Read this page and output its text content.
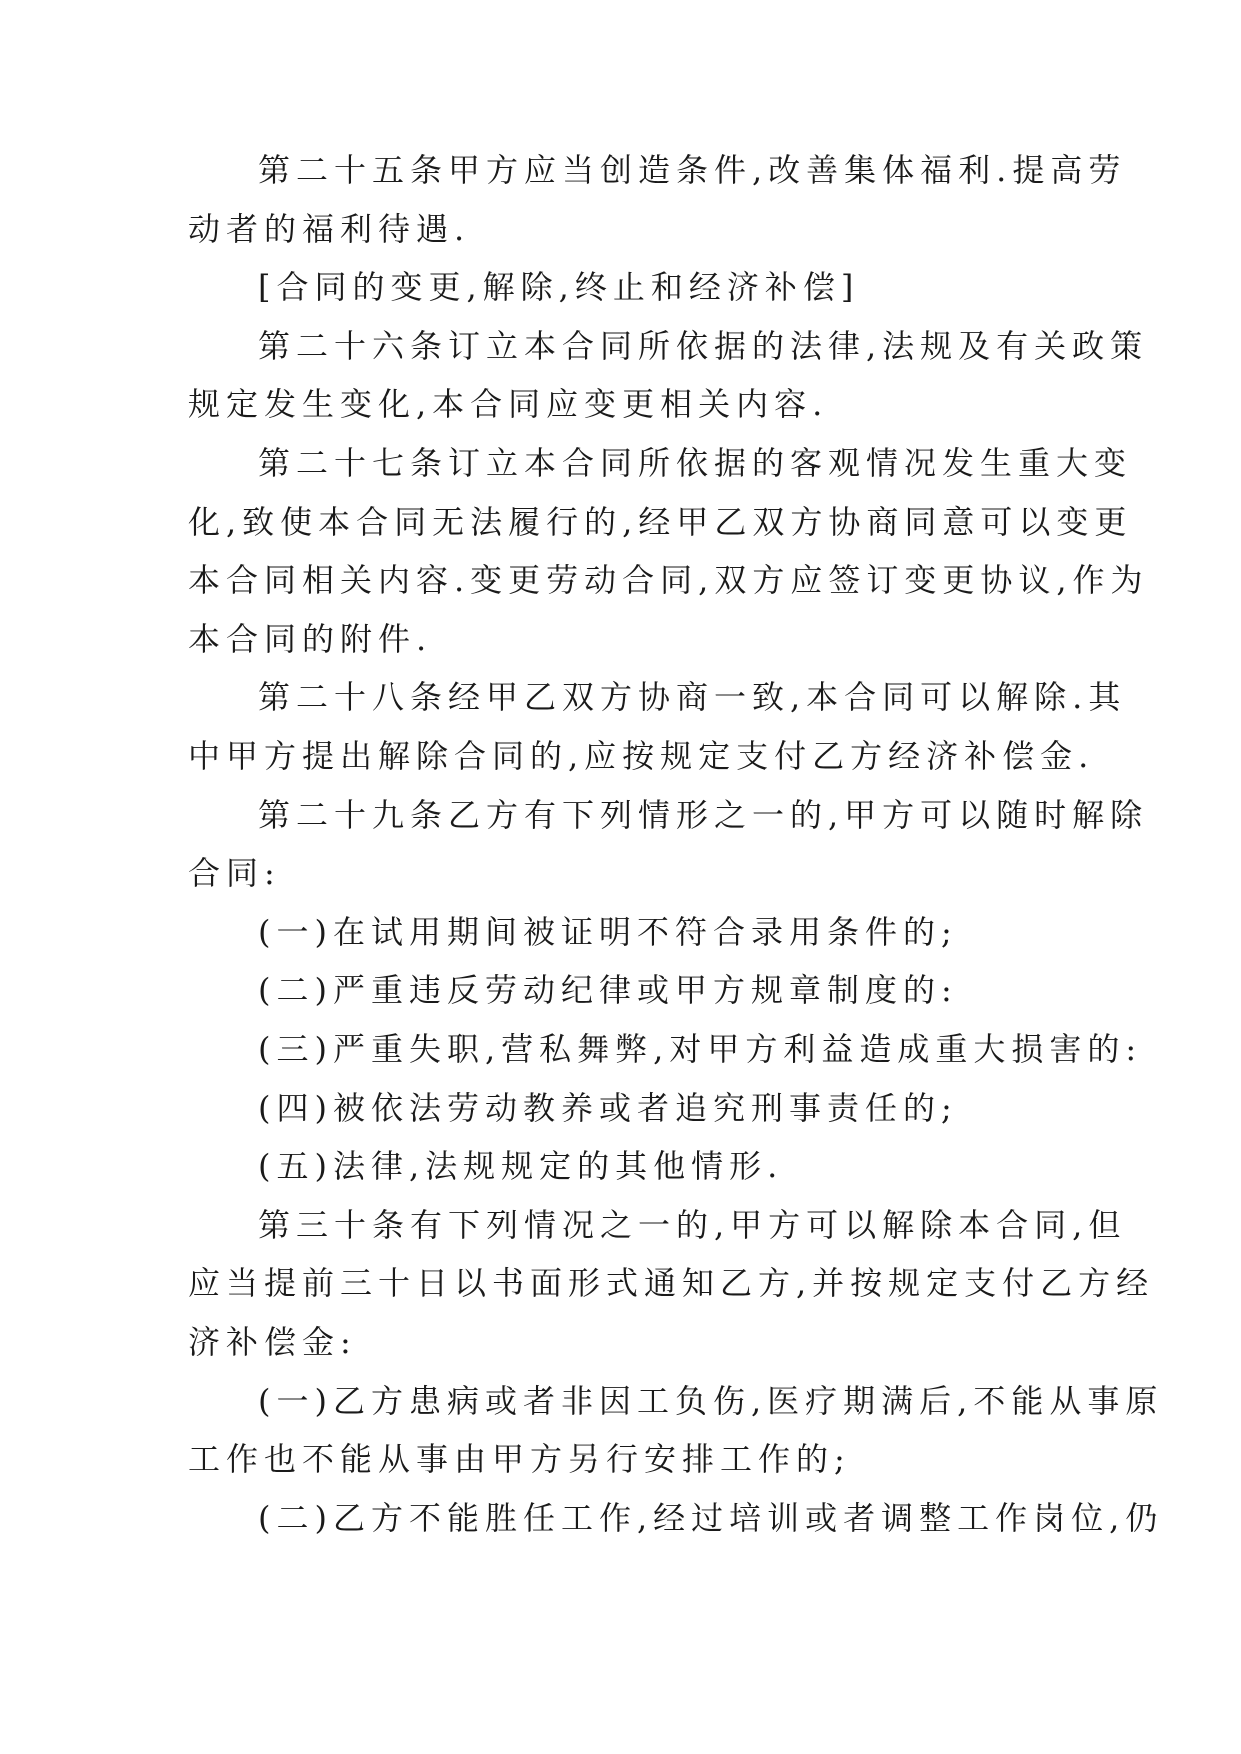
第二十五条甲方应当创造条件,改善集体福利.提高劳
动者的福利待遇.
[合同的变更,解除,终止和经济补偿]
第二十六条订立本合同所依据的法律,法规及有关政策
规定发生变化,本合同应变更相关内容.
第二十七条订立本合同所依据的客观情况发生重大变
化,致使本合同无法履行的,经甲乙双方协商同意可以变更
本合同相关内容.变更劳动合同,双方应签订变更协议,作为
本合同的附件.
第二十八条经甲乙双方协商一致,本合同可以解除.其
中甲方提出解除合同的,应按规定支付乙方经济补偿金.
第二十九条乙方有下列情形之一的,甲方可以随时解除
合同:
(一)在试用期间被证明不符合录用条件的;
(二)严重违反劳动纪律或甲方规章制度的:
(三)严重失职,营私舞弊,对甲方利益造成重大损害的:
(四)被依法劳动教养或者追究刑事责任的;
(五)法律,法规规定的其他情形.
第三十条有下列情况之一的,甲方可以解除本合同,但
应当提前三十日以书面形式通知乙方,并按规定支付乙方经
济补偿金:
(一)乙方患病或者非因工负伤,医疗期满后,不能从事原
工作也不能从事由甲方另行安排工作的;
(二)乙方不能胜任工作,经过培训或者调整工作岗位,仍
